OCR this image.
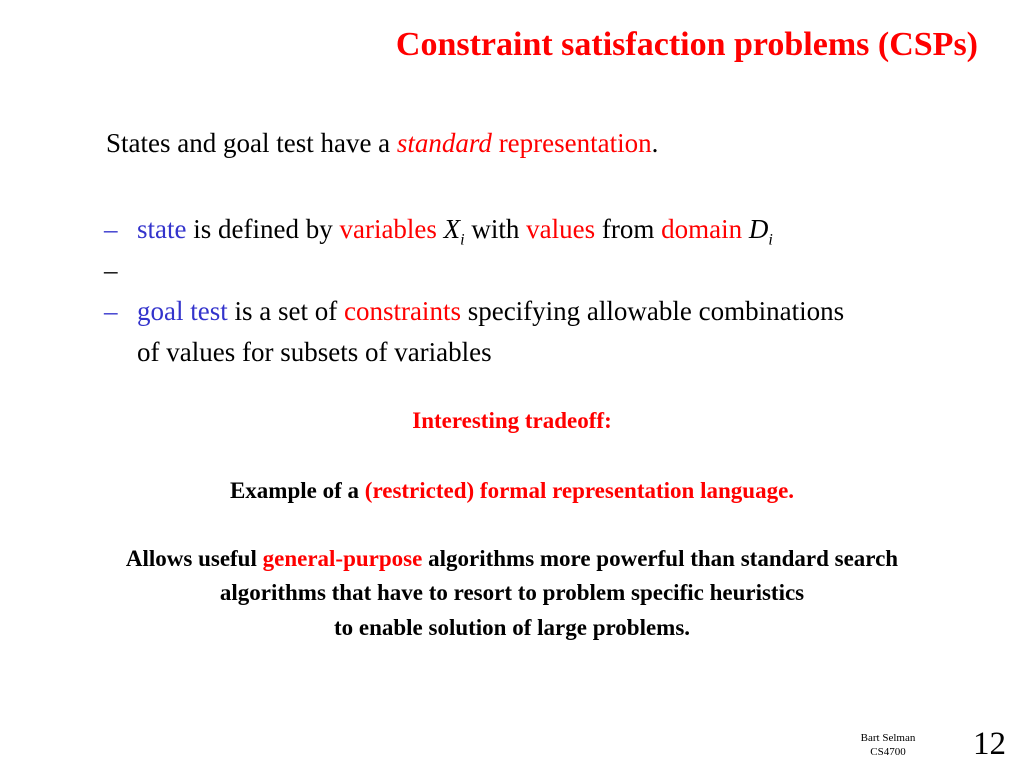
Constraint satisfaction problems (CSPs)
States and goal test have a standard representation.
– state is defined by variables $X_i$ with values from domain $D_i$
–
– goal test is a set of constraints specifying allowable combinations of values for subsets of variables
Interesting tradeoff:
Example of a (restricted) formal representation language.
Allows useful general-purpose algorithms more powerful than standard search
algorithms that have to resort to problem specific heuristics
to enable solution of large problems.
Bart Selman
CS4700	12
